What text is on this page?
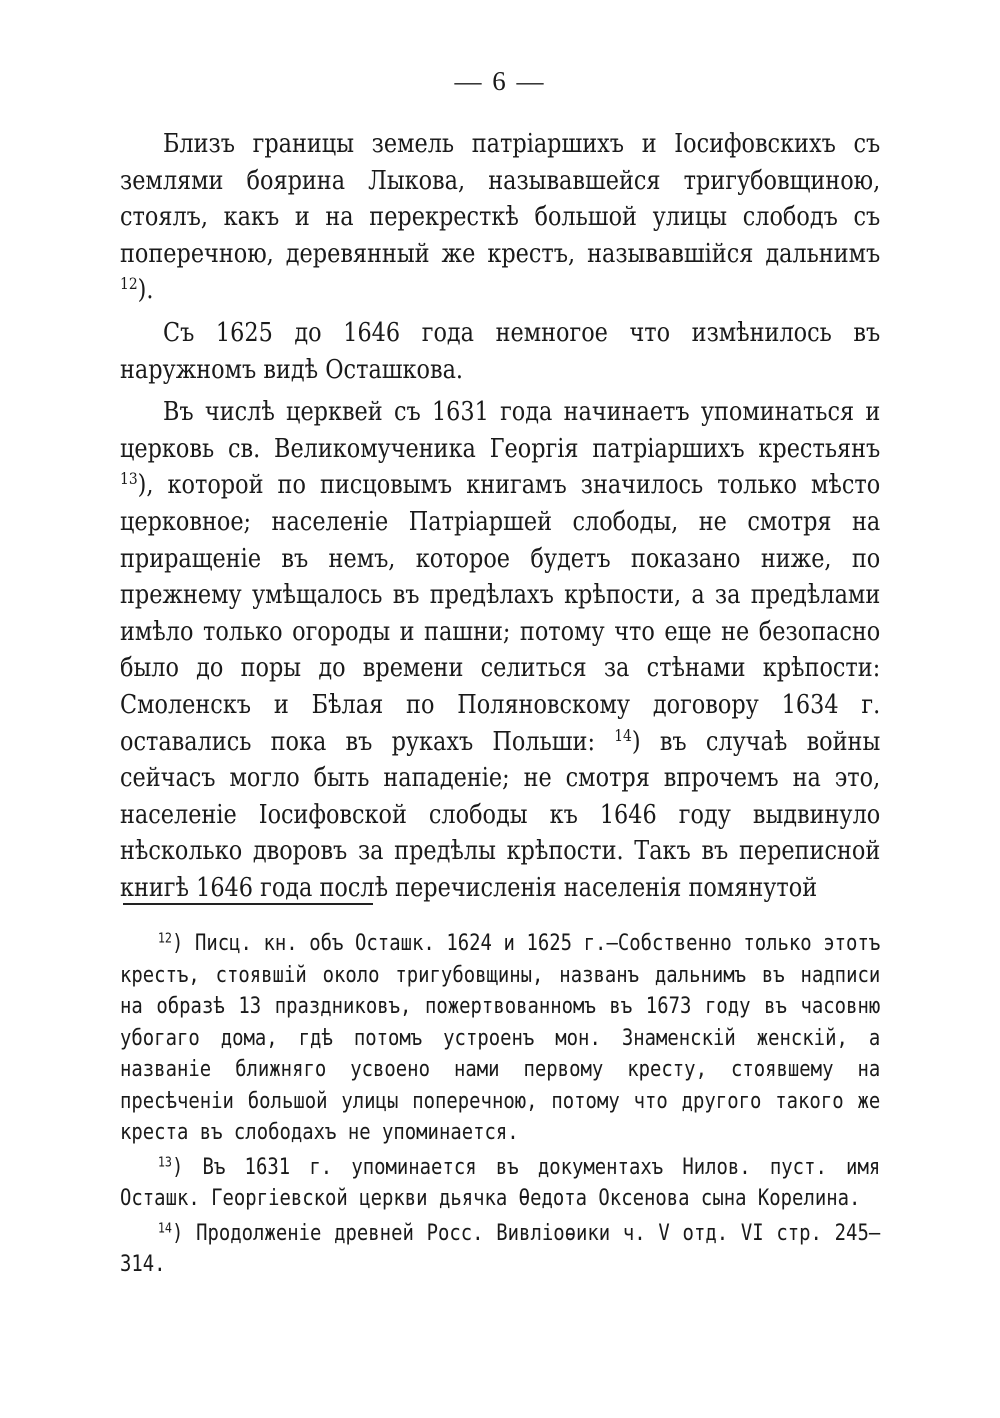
— 6 —

Близъ границы земель патріаршихъ и Іосифовскихъ съ землями боярина Лыкова, называвшейся тригубовщиною, стоялъ, какъ и на перекресткѣ большой улицы слободъ съ поперечною, деревянный же крестъ, называвшійся дальнимъ $^{12}$).

Съ 1625 до 1646 года немногое что измѣнилось въ наружномъ видѣ Осташкова.

Въ числѣ церквей съ 1631 года начинаетъ упоминаться и церковь св. Великомученика Георгія патріаршихъ крестьянъ $^{13}$), которой по писцовымъ книгамъ значилось только мѣсто церковное; населеніе Патріаршей слободы, не смотря на приращеніе въ немъ, которое будетъ показано ниже, по прежнему умѣщалось въ предѣлахъ крѣпости, а за предѣлами имѣло только огороды и пашни; потому что еще не безопасно было до поры до времени селиться за стѣнами крѣпости: Смоленскъ и Бѣлая по Поляновскому договору 1634 г. оставались пока въ рукахъ Польши: $^{14}$) въ случаѣ войны сейчасъ могло быть нападеніе; не смотря впрочемъ на это, населеніе Іосифовской слободы къ 1646 году выдвинуло нѣсколько дворовъ за предѣлы крѣпости. Такъ въ переписной книгѣ 1646 года послѣ перечисленія населенія помянутой

$^{12}$) Писц. кн. объ Осташк. 1624 и 1625 г.—Собственно только этотъ крестъ, стоявшій около тригубовщины, названъ дальнимъ въ надписи на образѣ 13 праздниковъ, пожертвованномъ въ 1673 году въ часовню убогаго дома, гдѣ потомъ устроенъ мон. Знаменскій женскій, а названіе ближняго усвоено нами первому кресту, стоявшему на пресѣченіи большой улицы поперечною, потому что другого такого же креста въ слободахъ не упоминается.

$^{13}$) Въ 1631 г. упоминается въ документахъ Нилов. пуст. имя Осташк. Георгіевской церкви дьячка Ѳедота Оксенова сына Корелина.

$^{14}$) Продолженіе древней Росс. Вивліоѳики ч. V отд. VI стр. 245—314.
